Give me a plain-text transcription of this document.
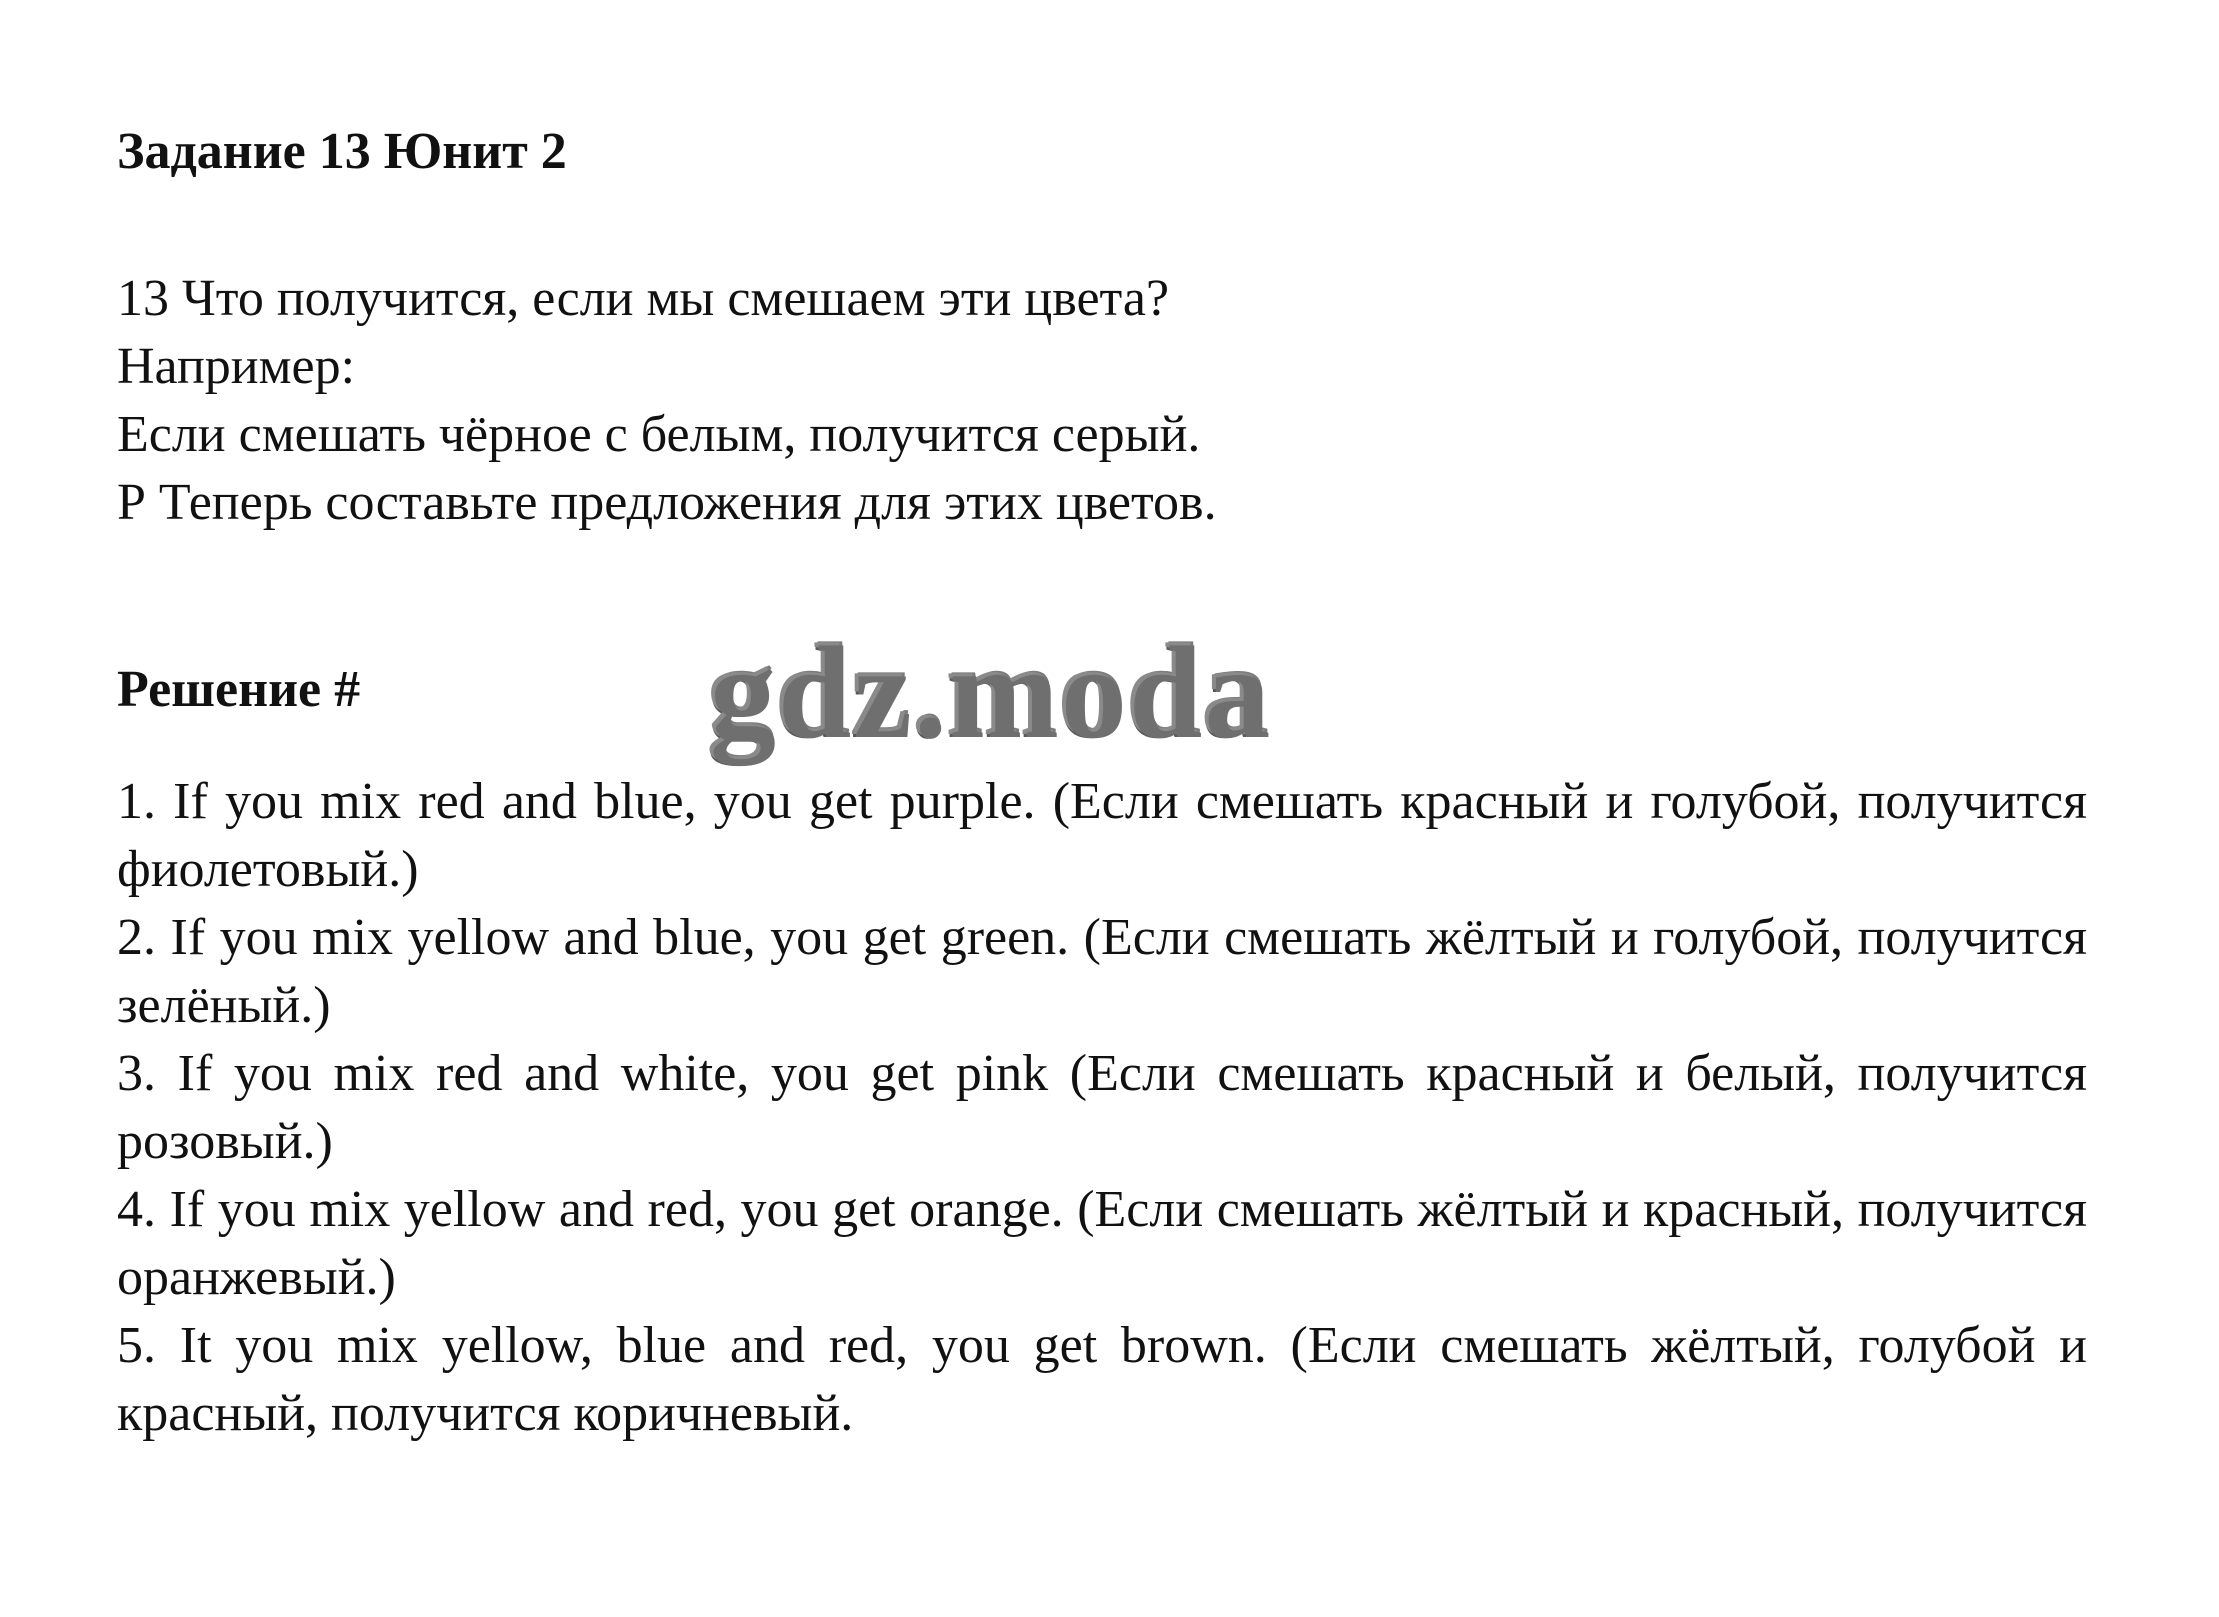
Задание 13 Юнит 2
13 Что получится, если мы смешаем эти цвета?
Например:
Если смешать чёрное с белым, получится серый.
Р Теперь составьте предложения для этих цветов.
Решение #	gdz.moda

1. If you mix red and blue, you get purple. (Если смешать красный и голубой, получится фиолетовый.)

2. If you mix yellow and blue, you get green. (Если смешать жёлтый и голубой, получится зелёный.)

3. If you mix red and white, you get pink (Если смешать красный и белый, получится розовый.)

4. If you mix yellow and red, you get orange. (Если смешать жёлтый и красный, получится оранжевый.)

5. It you mix yellow, blue and red, you get brown. (Если смешать жёлтый, голубой и красный, получится коричневый.
